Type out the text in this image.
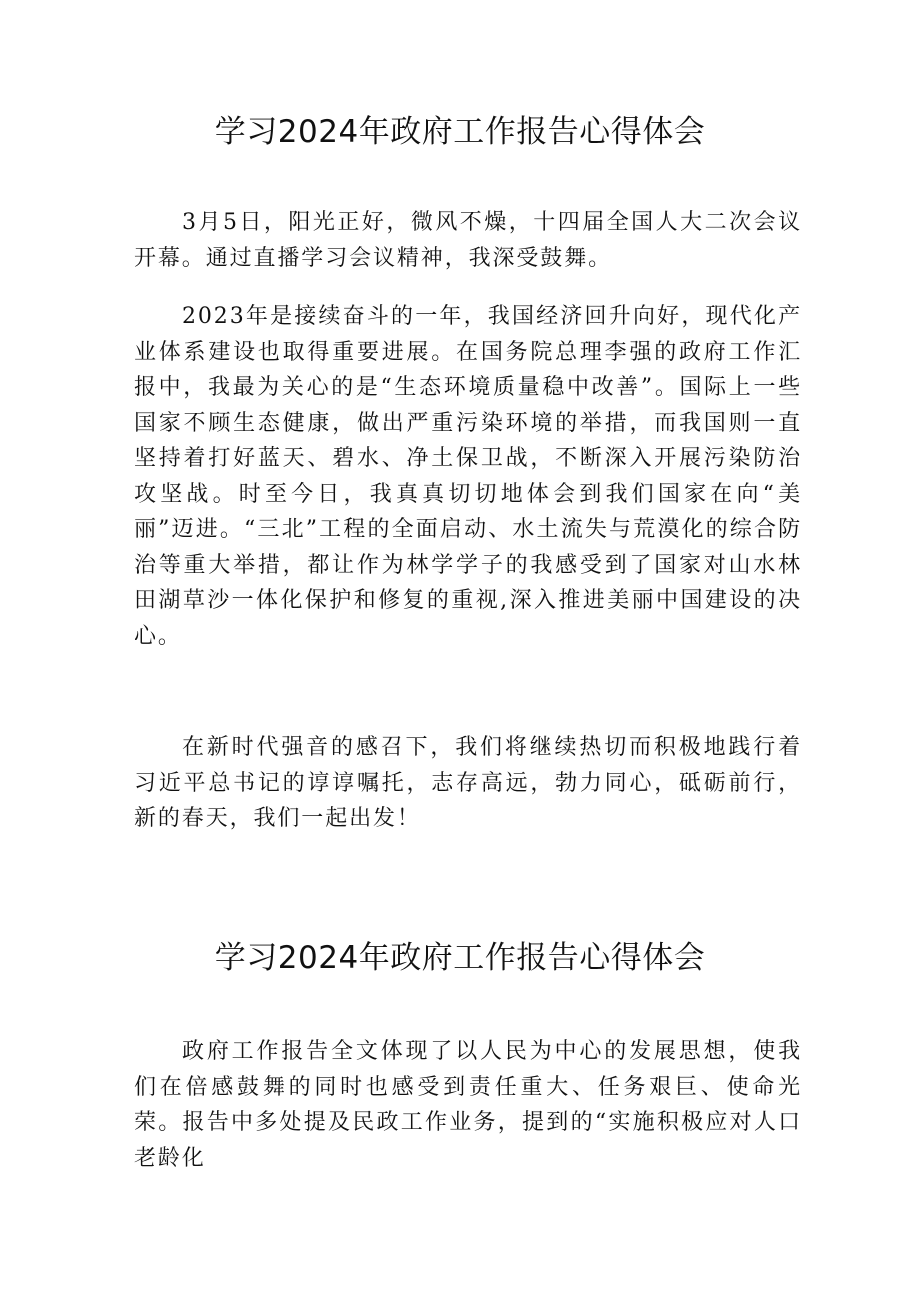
学习2024年政府工作报告心得体会

3月5日，阳光正好，微风不燥，十四届全国人大二次会议开幕。通过直播学习会议精神，我深受鼓舞。

2023年是接续奋斗的一年，我国经济回升向好，现代化产业体系建设也取得重要进展。在国务院总理李强的政府工作汇报中，我最为关心的是“生态环境质量稳中改善”。国际上一些国家不顾生态健康，做出严重污染环境的举措，而我国则一直坚持着打好蓝天、碧水、净土保卫战，不断深入开展污染防治攻坚战。时至今日，我真真切切地体会到我们国家在向“美丽”迈进。“三北”工程的全面启动、水土流失与荒漠化的综合防治等重大举措，都让作为林学学子的我感受到了国家对山水林田湖草沙一体化保护和修复的重视,深入推进美丽中国建设的决心。

在新时代强音的感召下，我们将继续热切而积极地践行着习近平总书记的谆谆嘱托，志存高远，勃力同心，砥砺前行，新的春天，我们一起出发！

学习2024年政府工作报告心得体会

政府工作报告全文体现了以人民为中心的发展思想，使我们在倍感鼓舞的同时也感受到责任重大、任务艰巨、使命光荣。报告中多处提及民政工作业务，提到的“实施积极应对人口老龄化
